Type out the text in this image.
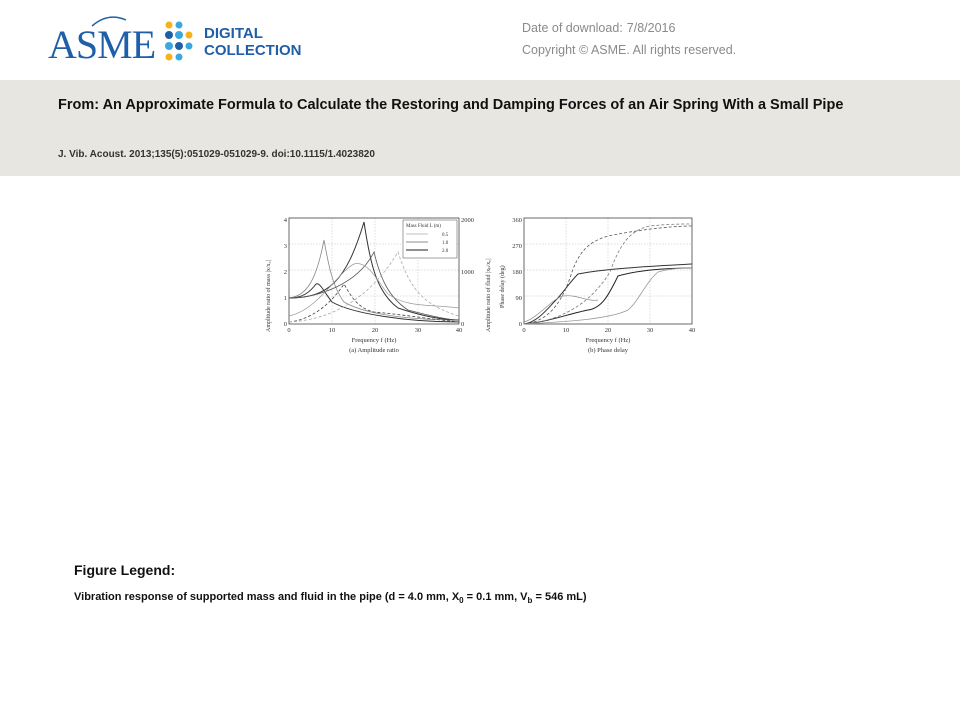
ASME	DIGITAL
COLLECTION
Date of download: 7/8/2016
Copyright © ASME. All rights reserved.
From: An Approximate Formula to Calculate the Restoring and Damping Forces of an Air Spring With a Small Pipe
J. Vib. Acoust. 2013;135(5):051029-051029-9. doi:10.1115/1.4023820
Mass Fluid L (m)
0.5
1.0
2.0
0	10	20	30	40
0
1
2
3
4
0
1000
2000
Amplitude ratio of mass |x/x₀|	Amplitude ratio of fluid |xₚ/x₀|
Frequency f (Hz)
(a) Amplitude ratio
0	10	20	30	40
0
90
180
270
360
Phase delay (deg)
Frequency f (Hz)
(b) Phase delay
Figure Legend:
Vibration response of supported mass and fluid in the pipe (d = 4.0 mm, $X_0 = 0.1$ mm, $V_b = 546$ mL)
